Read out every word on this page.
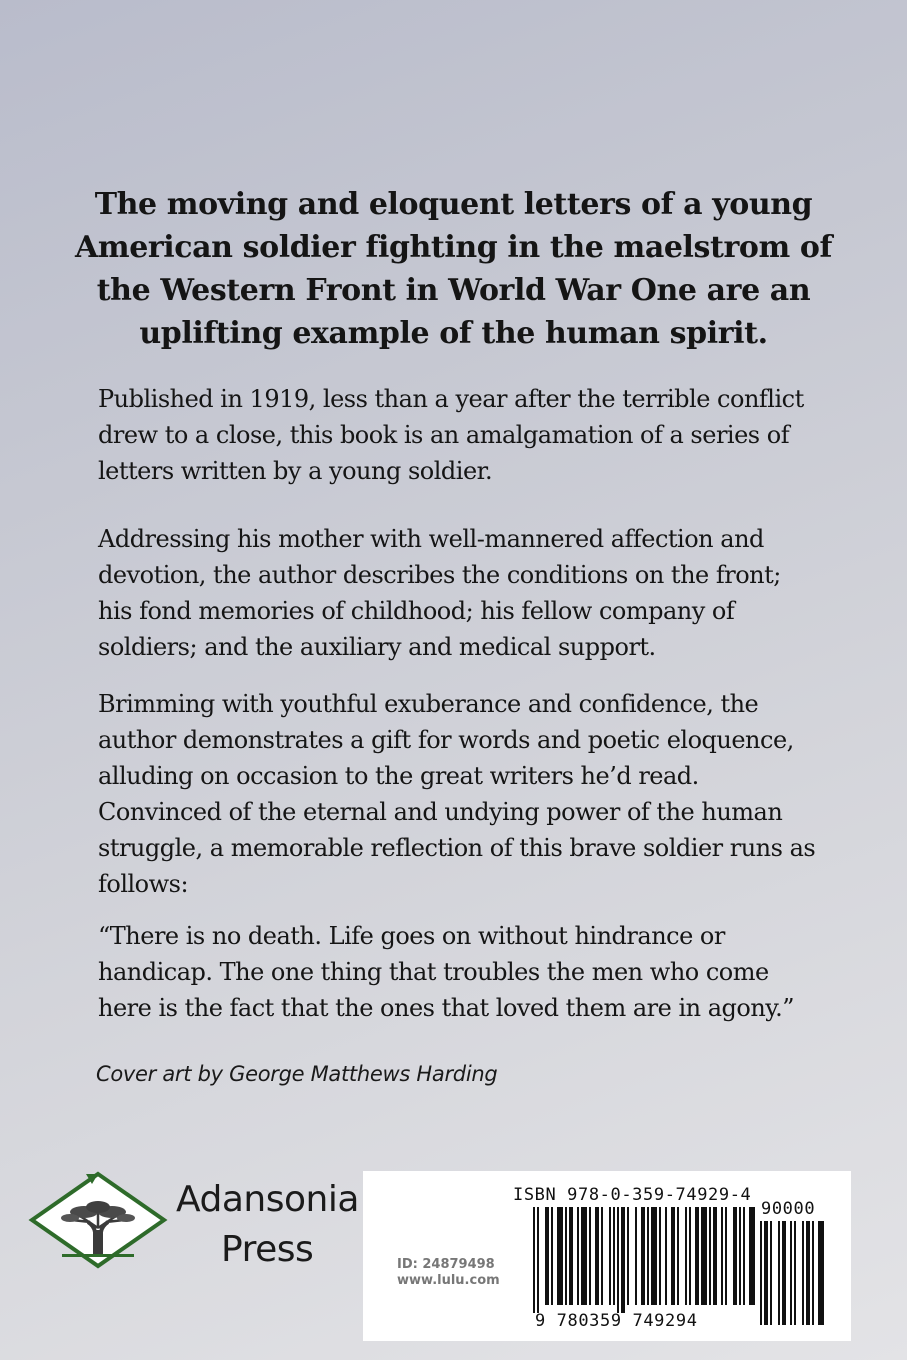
The moving and eloquent letters of a young American soldier fighting in the maelstrom of the Western Front in World War One are an uplifting example of the human spirit.

Published in 1919, less than a year after the terrible conflict drew to a close, this book is an amalgamation of a series of letters written by a young soldier.

Addressing his mother with well-mannered affection and devotion, the author describes the conditions on the front; his fond memories of childhood; his fellow company of soldiers; and the auxiliary and medical support.

Brimming with youthful exuberance and confidence, the author demonstrates a gift for words and poetic eloquence, alluding on occasion to the great writers he’d read. Convinced of the eternal and undying power of the human struggle, a memorable reflection of this brave soldier runs as follows:

“There is no death. Life goes on without hindrance or handicap. The one thing that troubles the men who come here is the fact that the ones that loved them are in agony.”

Cover art by George Matthews Harding
Adansonia
Press
ISBN 978-0-359-74929-4
ID: 24879498
www.lulu.com
9 780359 749294
90000
